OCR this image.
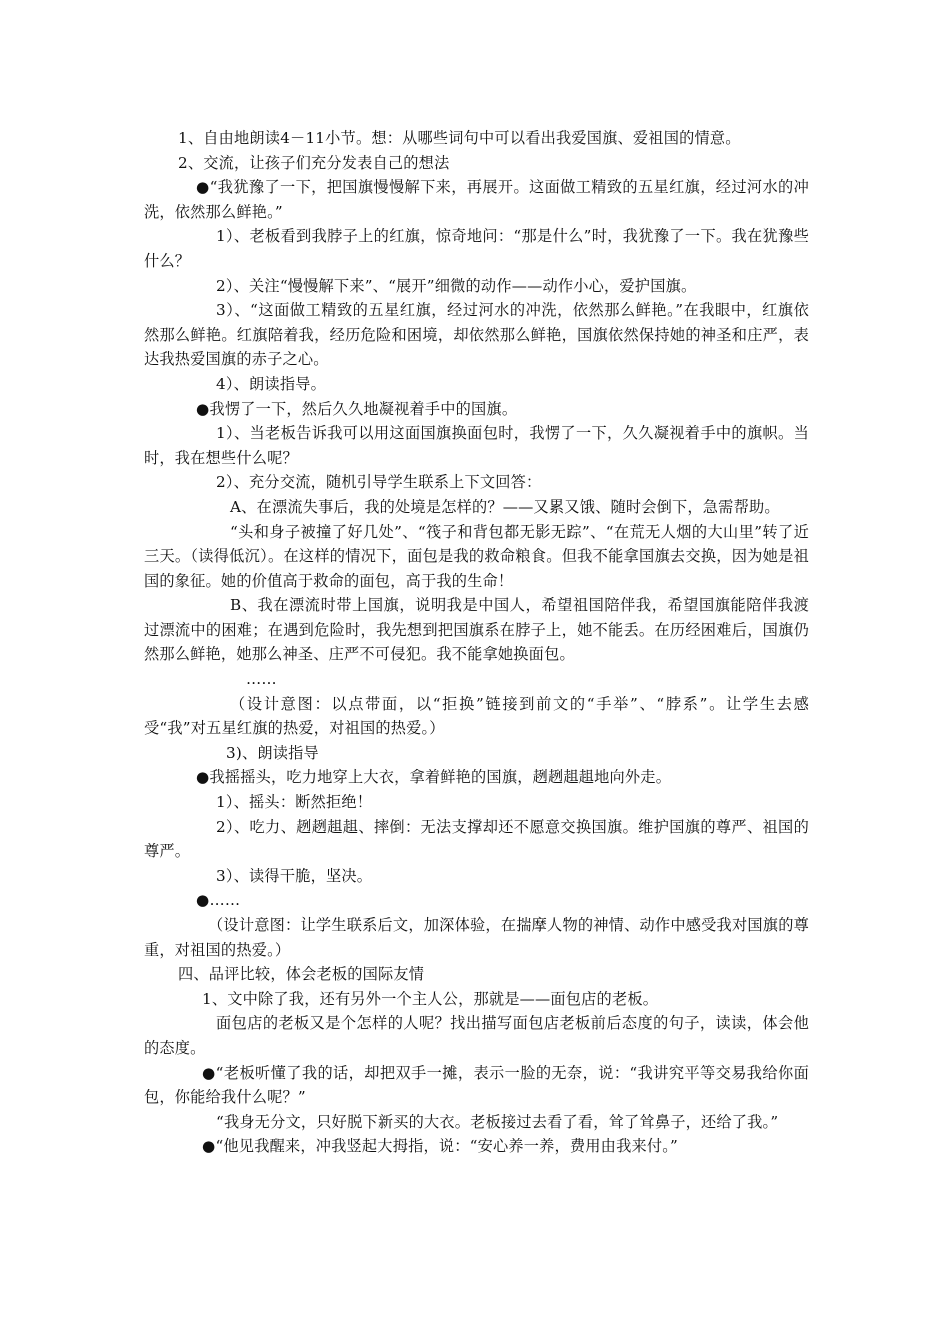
1、自由地朗读4－11小节。想：从哪些词句中可以看出我爱国旗、爱祖国的情意。

2、交流，让孩子们充分发表自己的想法

●“我犹豫了一下，把国旗慢慢解下来，再展开。这面做工精致的五星红旗，经过河水的冲洗，依然那么鲜艳。”

1）、老板看到我脖子上的红旗，惊奇地问：“那是什么”时，我犹豫了一下。我在犹豫些什么？

2）、关注“慢慢解下来”、“展开”细微的动作——动作小心，爱护国旗。

3）、“这面做工精致的五星红旗，经过河水的冲洗，依然那么鲜艳。”在我眼中，红旗依然那么鲜艳。红旗陪着我，经历危险和困境，却依然那么鲜艳，国旗依然保持她的神圣和庄严，表达我热爱国旗的赤子之心。

4）、朗读指导。

●我愣了一下，然后久久地凝视着手中的国旗。

1）、当老板告诉我可以用这面国旗换面包时，我愣了一下，久久凝视着手中的旗帜。当时，我在想些什么呢？

2）、充分交流，随机引导学生联系上下文回答：

A、在漂流失事后，我的处境是怎样的？——又累又饿、随时会倒下，急需帮助。

“头和身子被撞了好几处”、“筏子和背包都无影无踪”、“在荒无人烟的大山里”转了近三天。（读得低沉）。在这样的情况下，面包是我的救命粮食。但我不能拿国旗去交换，因为她是祖国的象征。她的价值高于救命的面包，高于我的生命！

B、我在漂流时带上国旗，说明我是中国人，希望祖国陪伴我，希望国旗能陪伴我渡过漂流中的困难；在遇到危险时，我先想到把国旗系在脖子上，她不能丢。在历经困难后，国旗仍然那么鲜艳，她那么神圣、庄严不可侵犯。我不能拿她换面包。

……

（设计意图：以点带面，以“拒换”链接到前文的“手举”、“脖系”。让学生去感受“我”对五星红旗的热爱，对祖国的热爱。）

3)、朗读指导

●我摇摇头，吃力地穿上大衣，拿着鲜艳的国旗，趔趔趄趄地向外走。

1）、摇头：断然拒绝！

2）、吃力、趔趔趄趄、摔倒：无法支撑却还不愿意交换国旗。维护国旗的尊严、祖国的尊严。

3）、读得干脆，坚决。

●……

（设计意图：让学生联系后文，加深体验，在揣摩人物的神情、动作中感受我对国旗的尊重，对祖国的热爱。）

四、品评比较，体会老板的国际友情

1、文中除了我，还有另外一个主人公，那就是——面包店的老板。

面包店的老板又是个怎样的人呢？找出描写面包店老板前后态度的句子，读读，体会他的态度。

●“老板听懂了我的话，却把双手一摊，表示一脸的无奈，说：“我讲究平等交易我给你面包，你能给我什么呢？”

“我身无分文，只好脱下新买的大衣。老板接过去看了看，耸了耸鼻子，还给了我。”

●“他见我醒来，冲我竖起大拇指，说：“安心养一养，费用由我来付。”
